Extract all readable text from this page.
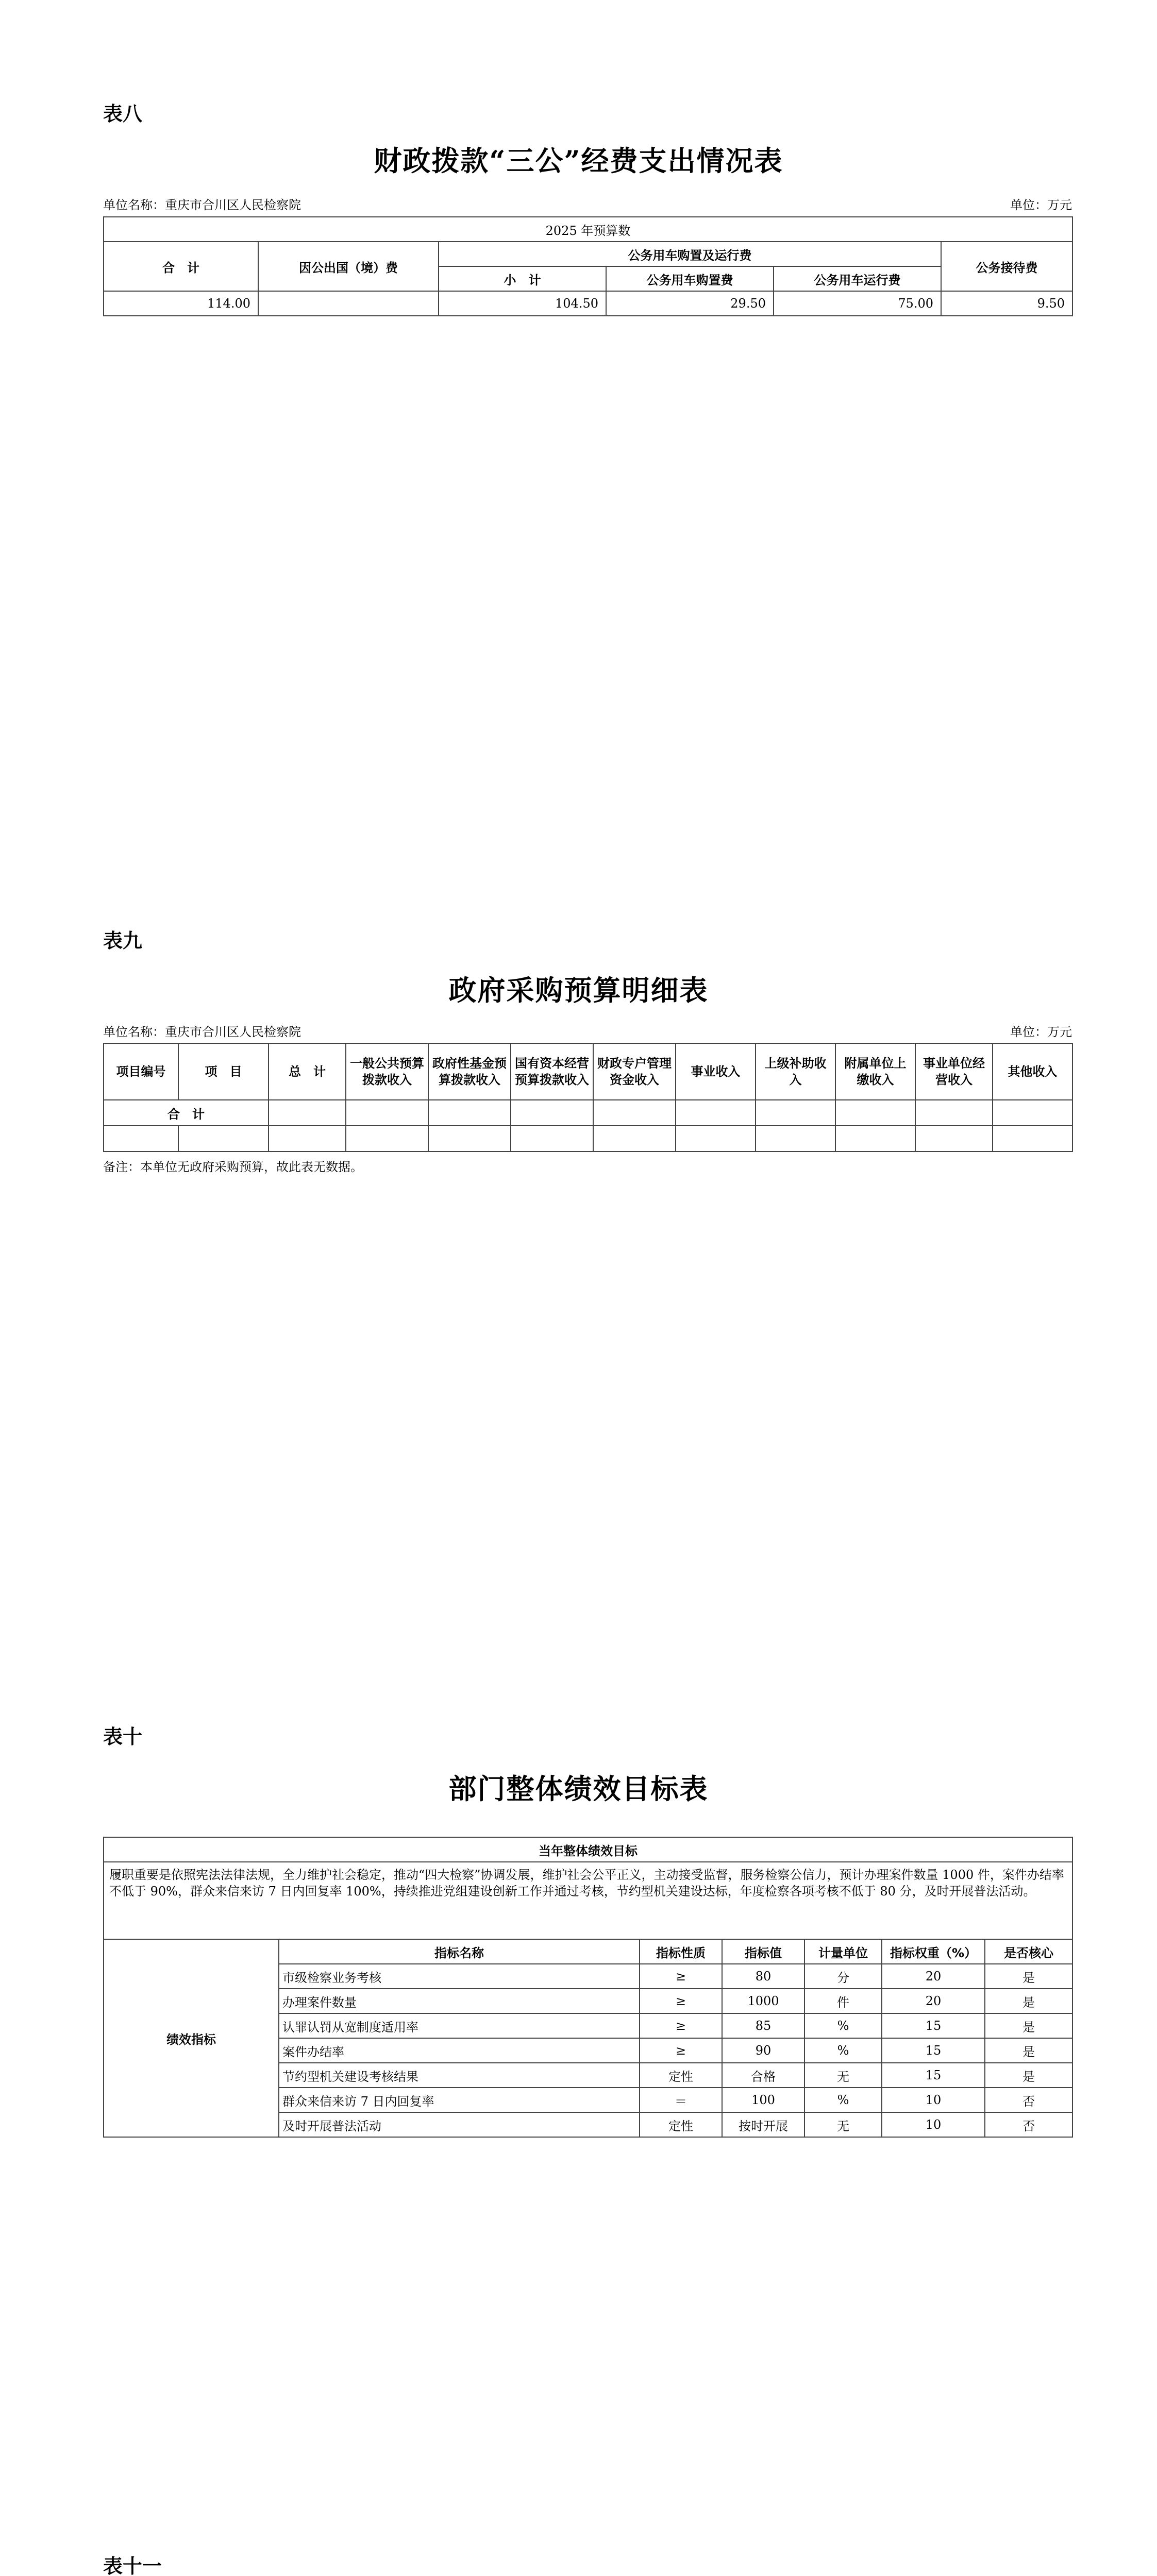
表八
财政拨款“三公”经费支出情况表
单位名称：重庆市合川区人民检察院	单位：万元
2025 年预算数					
合　计	因公出国（境）费	公务用车购置及运行费			公务接待费
		小　计	公务用车购置费	公务用车运行费	
114.00		104.50	29.50	75.00	9.50
表九
政府采购预算明细表
单位名称：重庆市合川区人民检察院	单位：万元
项目编号	项　目	总　计	一般公共预算拨款收入	政府性基金预算拨款收入	国有资本经营预算拨款收入	财政专户管理资金收入	事业收入	上级补助收入	附属单位上缴收入	事业单位经营收入	其他收入
合　计											

备注：本单位无政府采购预算，故此表无数据。
表十
部门整体绩效目标表
当年整体绩效目标						
履职重要是依照宪法法律法规，全力维护社会稳定，推动“四大检察”协调发展，维护社会公平正义，主动接受监督，服务检察公信力，预计办理案件数量 1000 件，案件办结率不低于 90%，群众来信来访 7 日内回复率 100%，持续推进党组建设创新工作并通过考核，节约型机关建设达标，年度检察各项考核不低于 80 分，及时开展普法活动。						
绩效指标	指标名称	指标性质	指标值	计量单位	指标权重（%）	是否核心
	市级检察业务考核	≥	80	分	20	是
	办理案件数量	≥	1000	件	20	是
	认罪认罚从宽制度适用率	≥	85	%	15	是
	案件办结率	≥	90	%	15	是
	节约型机关建设考核结果	定性	合格	无	15	是
	群众来信来访 7 日内回复率	＝	100	%	10	否
	及时开展普法活动	定性	按时开展	无	10	否
表十一
